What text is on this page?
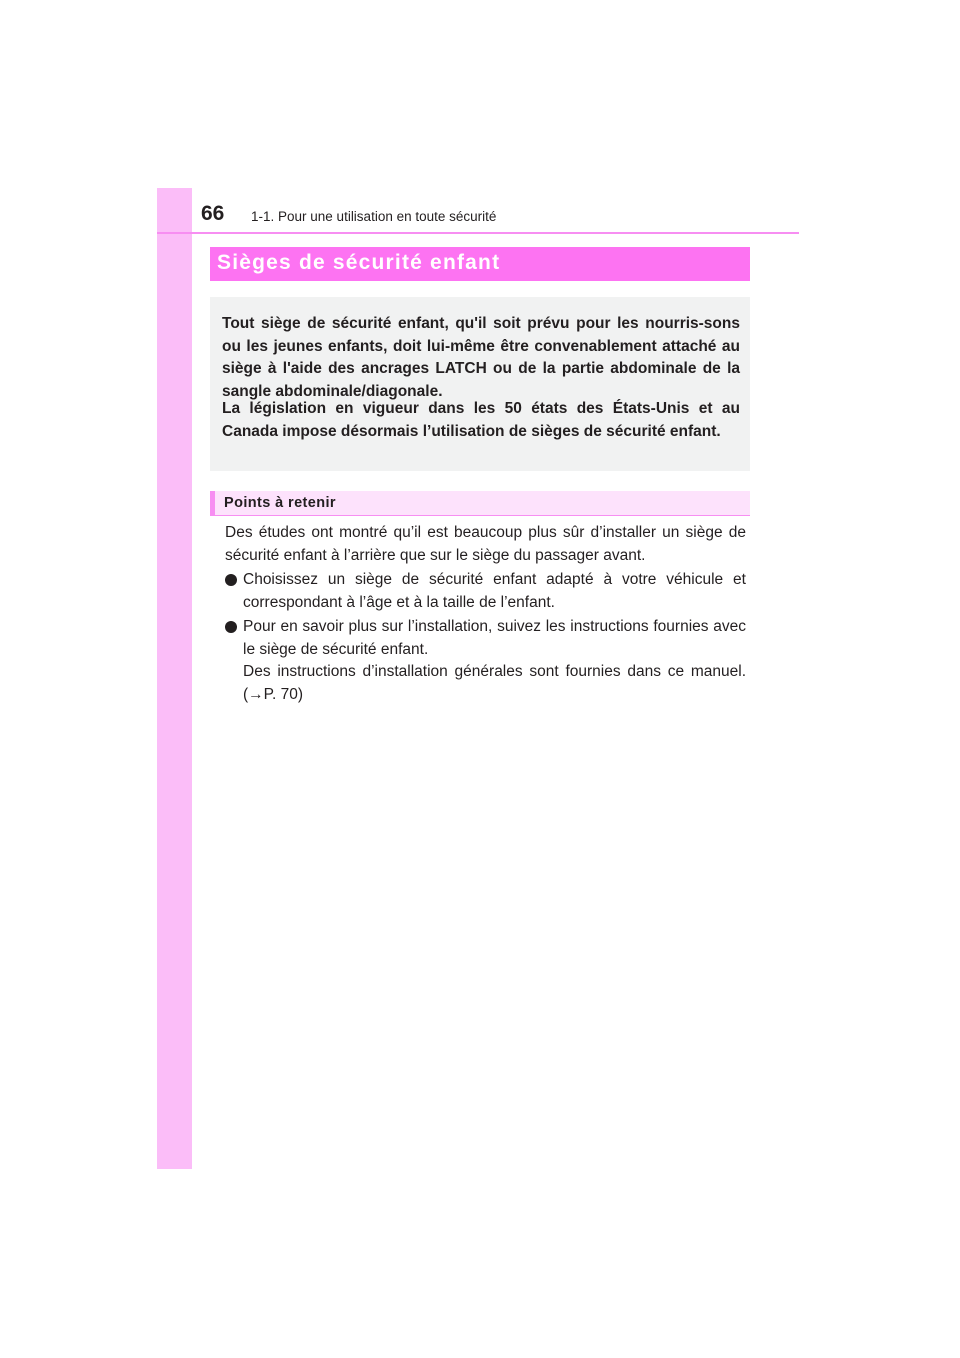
66 1-1. Pour une utilisation en toute sécurité
Sièges de sécurité enfant

Tout siège de sécurité enfant, qu'il soit prévu pour les nourris-sons ou les jeunes enfants, doit lui-même être convenablement attaché au siège à l'aide des ancrages LATCH ou de la partie abdominale de la sangle abdominale/diagonale.

La législation en vigueur dans les 50 états des États-Unis et au Canada impose désormais l’utilisation de sièges de sécurité enfant.

Points à retenir

Des études ont montré qu’il est beaucoup plus sûr d’installer un siège de sécurité enfant à l’arrière que sur le siège du passager avant.

Choisissez un siège de sécurité enfant adapté à votre véhicule et correspondant à l’âge et à la taille de l’enfant.
Pour en savoir plus sur l’installation, suivez les instructions fournies avec le siège de sécurité enfant.
Des instructions d’installation générales sont fournies dans ce manuel. (→P. 70)
